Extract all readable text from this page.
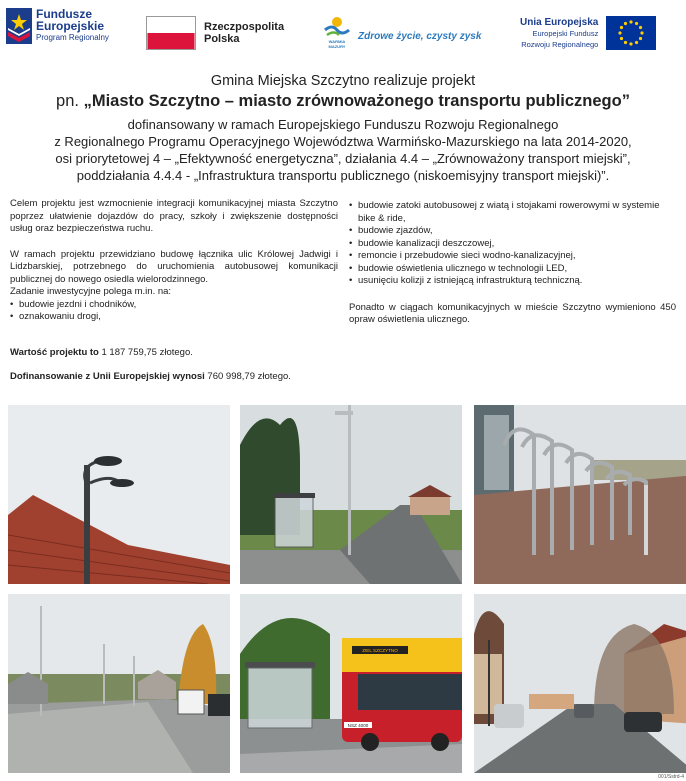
Fundusze
Europejskie
Program Regionalny
Rzeczpospolita
Polska	WARMIA
MAZURY
Zdrowe życie, czysty zysk
Unia Europejska
Europejski Fundusz
Rozwoju Regionalnego
Gmina Miejska Szczytno realizuje projekt
pn. „Miasto Szczytno – miasto zrównoważonego transportu publicznego”
dofinansowany w ramach Europejskiego Funduszu Rozwoju Regionalnego
z Regionalnego Programu Operacyjnego Województwa Warmińsko-Mazurskiego na lata 2014-2020,
osi priorytetowej 4 – „Efektywność energetyczna”, działania 4.4 – „Zrównoważony transport miejski”,
poddziałania 4.4.4 - „Infrastruktura transportu publicznego (niskoemisyjny transport miejski)”.

Celem projektu jest wzmocnienie integracji komunikacyjnej miasta Szczytno poprzez ułatwienie dojazdów do pracy, szkoły i zwiększenie dostępności usług oraz bezpieczeństwa ruchu.

W ramach projektu przewidziano budowę łącznika ulic Królowej Jadwigi i Lidzbarskiej, potrzebnego do uruchomienia autobusowej komunikacji publicznej do nowego osiedla wielorodzinnego.

Zadanie inwestycyjne polega m.in. na:

• budowie jezdni i chodników,
• oznakowaniu drogi,
• budowie zatoki autobusowej z wiatą i stojakami rowerowymi w systemie bike & ride,
• budowie zjazdów,
• budowie kanalizacji deszczowej,
• remoncie i przebudowie sieci wodno-kanalizacyjnej,
• budowie oświetlenia ulicznego w technologii LED,
• usunięciu kolizji z istniejącą infrastrukturą techniczną.

Ponadto w ciągach komunikacyjnych w mieście Szczytno wymieniono 450 opraw oświetlenia ulicznego.

Wartość projektu to 1 187 759,75 złotego.
Dofinansowanie z Unii Europejskiej wynosi 760 998,79 złotego.
ZIEL SZCZYTNO
NSZ 4000
001/Sstrd-4
